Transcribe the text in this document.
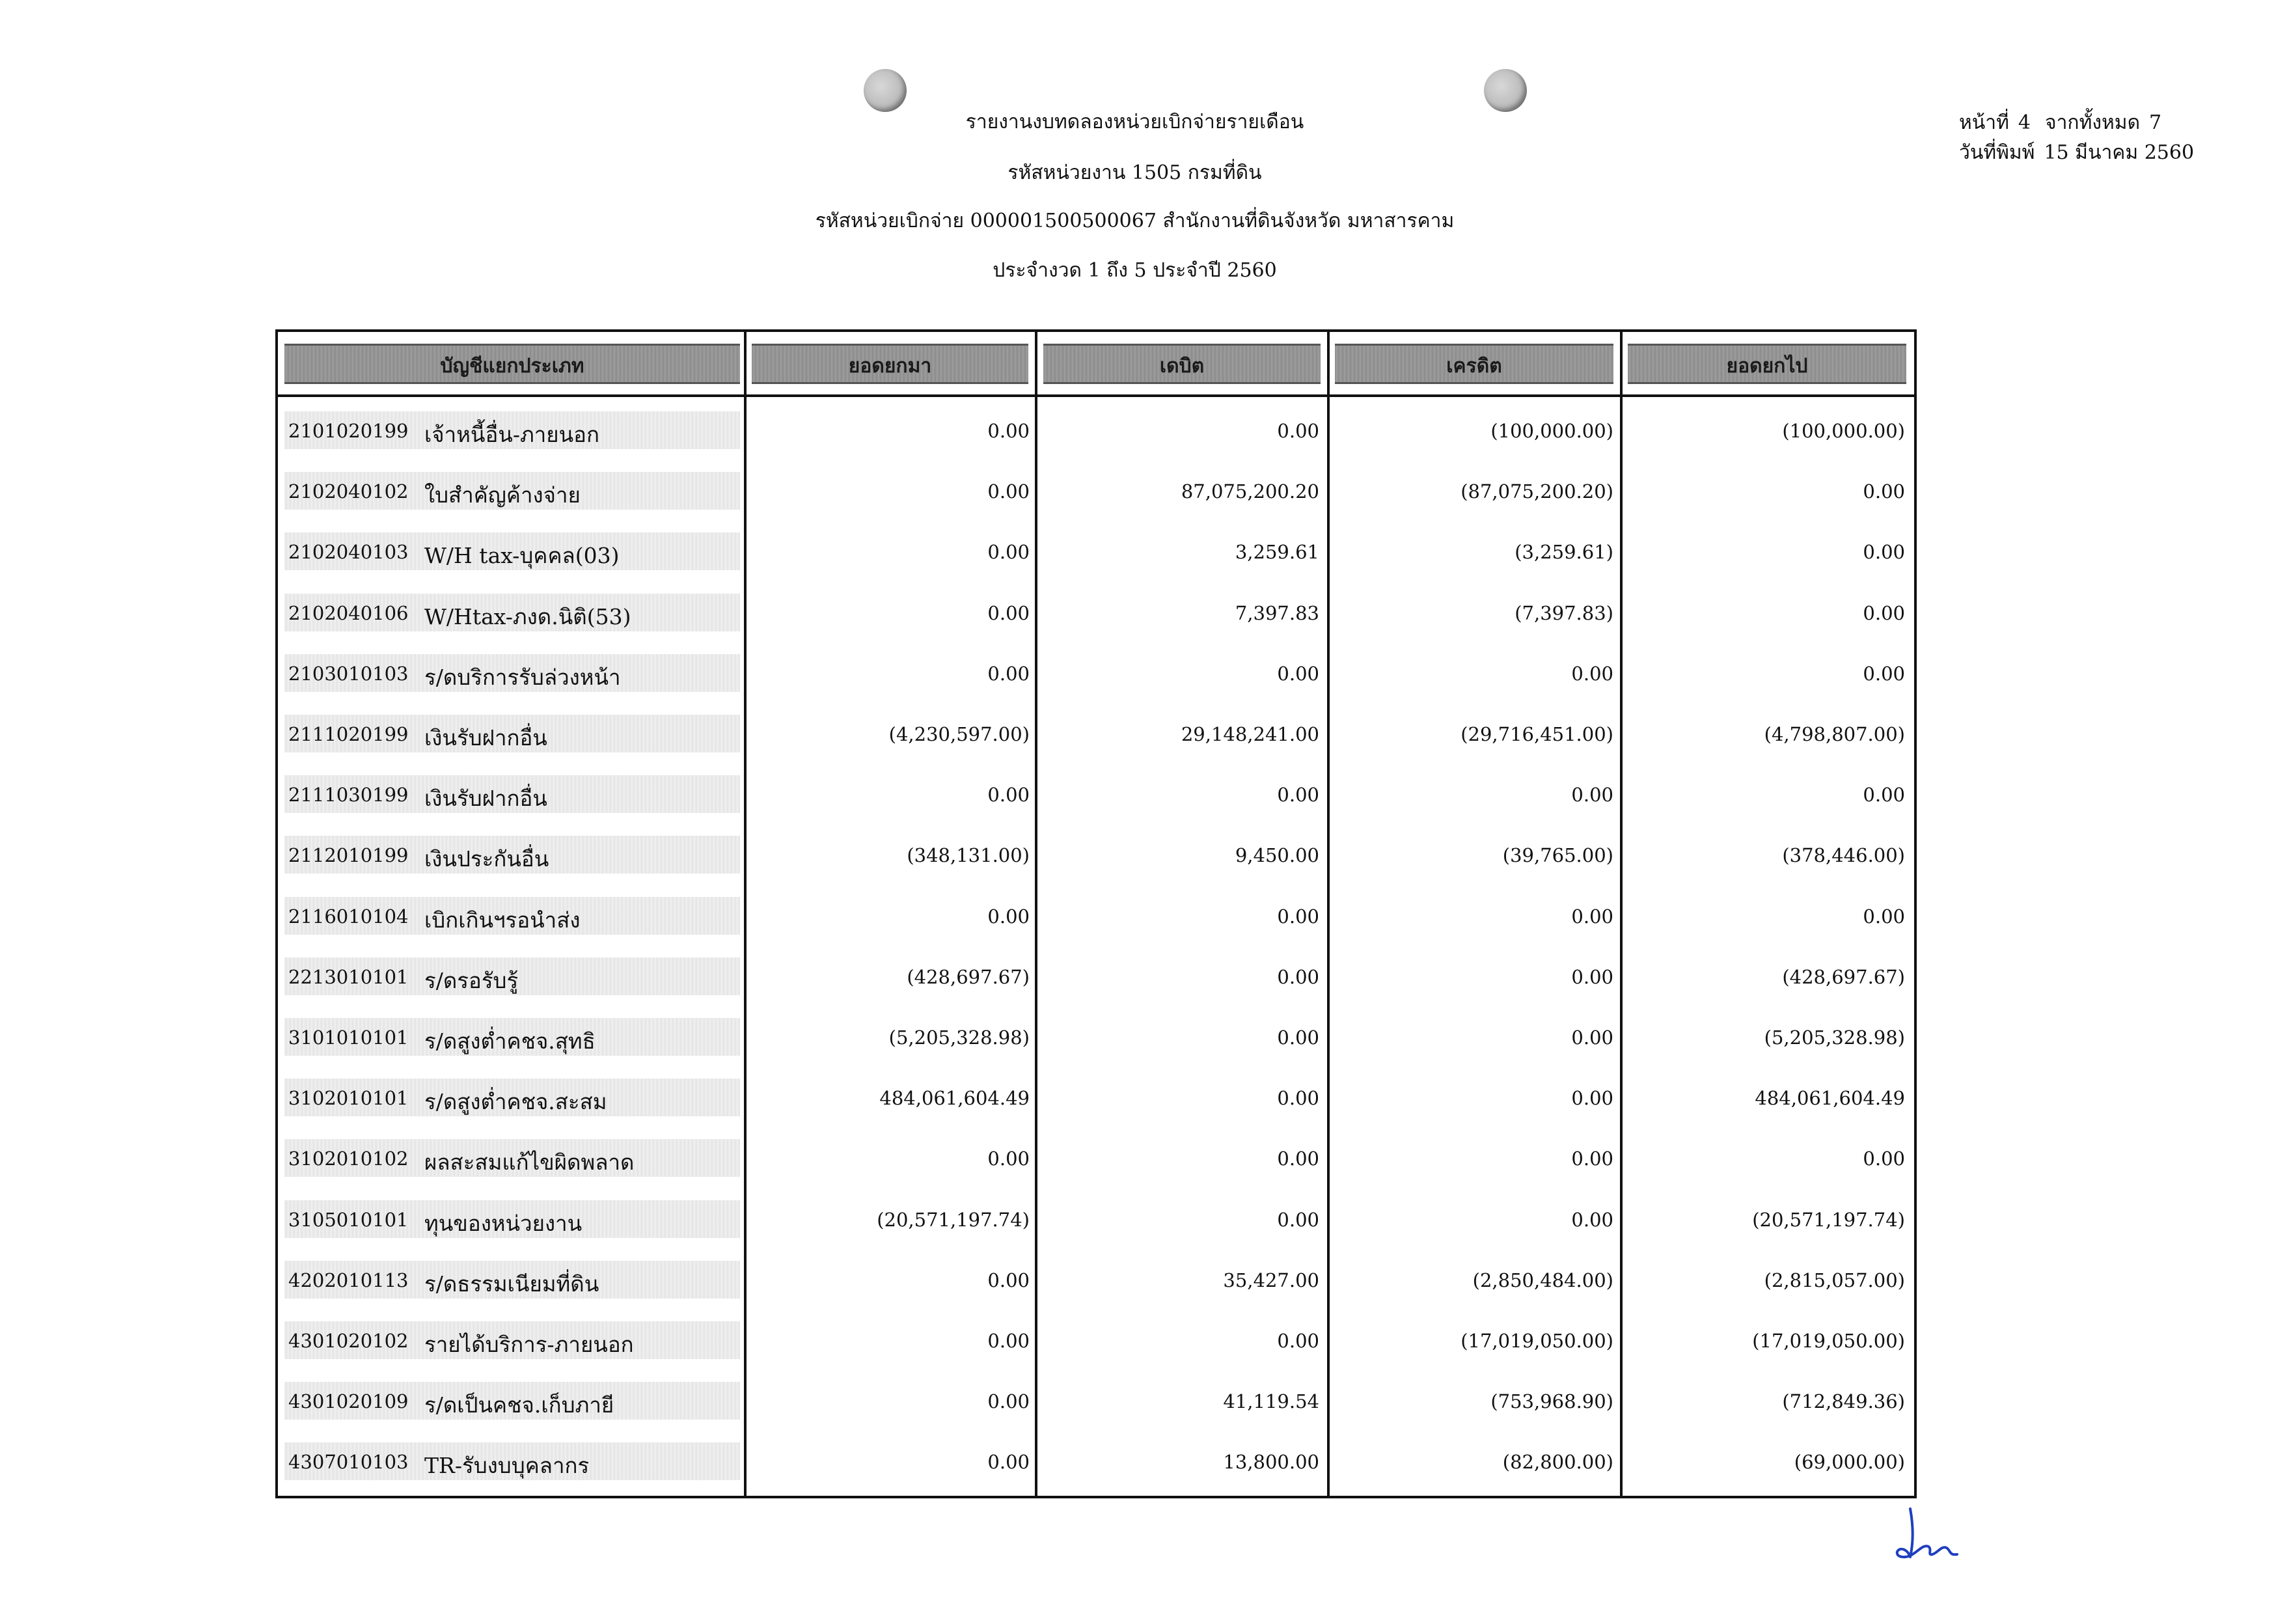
รายงานงบทดลองหน่วยเบิกจ่ายรายเดือน
รหัสหน่วยงาน 1505 กรมที่ดิน
รหัสหน่วยเบิกจ่าย 000001500500067 สำนักงานที่ดินจังหวัด มหาสารคาม
ประจำงวด 1 ถึง 5 ประจำปี 2560
หน้าที่ 4 จากทั้งหมด 7
วันที่พิมพ์ 15 มีนาคม 2560
บัญชีแยกประเภท	ยอดยกมา	เดบิต	เครดิต	ยอดยกไป
2101020199 เจ้าหนี้อื่น-ภายนอก	0.00	0.00	(100,000.00)	(100,000.00)
2102040102 ใบสำคัญค้างจ่าย	0.00	87,075,200.20	(87,075,200.20)	0.00
2102040103 W/H tax-บุคคล(03)	0.00	3,259.61	(3,259.61)	0.00
2102040106 W/Htax-ภงด.นิติ(53)	0.00	7,397.83	(7,397.83)	0.00
2103010103 ร/ดบริการรับล่วงหน้า	0.00	0.00	0.00	0.00
2111020199 เงินรับฝากอื่น	(4,230,597.00)	29,148,241.00	(29,716,451.00)	(4,798,807.00)
2111030199 เงินรับฝากอื่น	0.00	0.00	0.00	0.00
2112010199 เงินประกันอื่น	(348,131.00)	9,450.00	(39,765.00)	(378,446.00)
2116010104 เบิกเกินฯรอนำส่ง	0.00	0.00	0.00	0.00
2213010101 ร/ดรอรับรู้	(428,697.67)	0.00	0.00	(428,697.67)
3101010101 ร/ดสูงต่ำคชจ.สุทธิ	(5,205,328.98)	0.00	0.00	(5,205,328.98)
3102010101 ร/ดสูงต่ำคชจ.สะสม	484,061,604.49	0.00	0.00	484,061,604.49
3102010102 ผลสะสมแก้ไขผิดพลาด	0.00	0.00	0.00	0.00
3105010101 ทุนของหน่วยงาน	(20,571,197.74)	0.00	0.00	(20,571,197.74)
4202010113 ร/ดธรรมเนียมที่ดิน	0.00	35,427.00	(2,850,484.00)	(2,815,057.00)
4301020102 รายได้บริการ-ภายนอก	0.00	0.00	(17,019,050.00)	(17,019,050.00)
4301020109 ร/ดเป็นคชจ.เก็บภายี	0.00	41,119.54	(753,968.90)	(712,849.36)
4307010103 TR-รับงบบุคลากร	0.00	13,800.00	(82,800.00)	(69,000.00)
